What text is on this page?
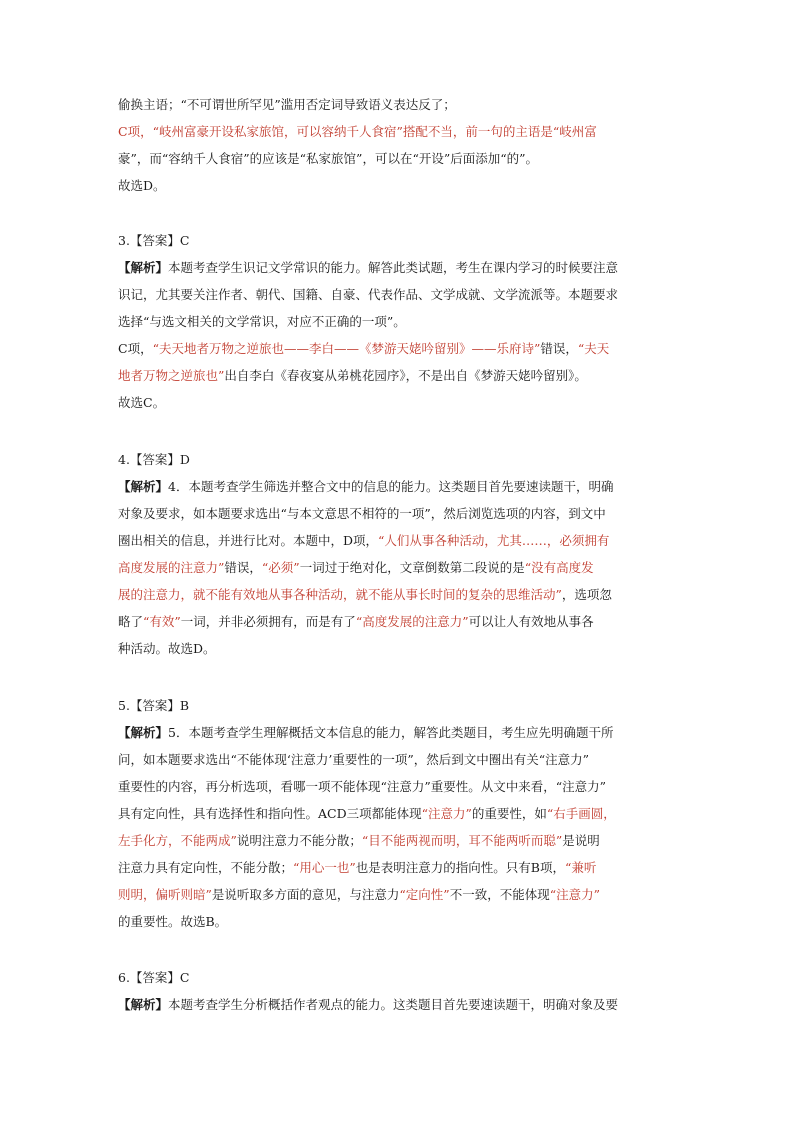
偷换主语；“不可谓世所罕见”滥用否定词导致语义表达反了；
C项，“岐州富豪开设私家旅馆，可以容纳千人食宿”搭配不当，前一句的主语是“岐州富
豪”，而“容纳千人食宿”的应该是“私家旅馆”，可以在“开设”后面添加“的”。
故选D。
3.【答案】C
【解析】本题考查学生识记文学常识的能力。解答此类试题，考生在课内学习的时候要注意
识记，尤其要关注作者、朝代、国籍、自豪、代表作品、文学成就、文学流派等。本题要求
选择“与选文相关的文学常识，对应不正确的一项”。
C项，“夫天地者万物之逆旅也——李白——《梦游天姥吟留别》——乐府诗”错误，“夫天
地者万物之逆旅也”出自李白《春夜宴从弟桃花园序》，不是出自《梦游天姥吟留别》。
故选C。
4.【答案】D
【解析】4．本题考查学生筛选并整合文中的信息的能力。这类题目首先要速读题干，明确
对象及要求，如本题要求选出“与本文意思不相符的一项”，然后浏览选项的内容，到文中
圈出相关的信息，并进行比对。本题中，D项，“人们从事各种活动，尤其……，必须拥有
高度发展的注意力”错误，“必须”一词过于绝对化，文章倒数第二段说的是“没有高度发
展的注意力，就不能有效地从事各种活动，就不能从事长时间的复杂的思维活动”，选项忽
略了“有效”一词，并非必须拥有，而是有了“高度发展的注意力”可以让人有效地从事各
种活动。故选D。
5.【答案】B
【解析】5．本题考查学生理解概括文本信息的能力，解答此类题目，考生应先明确题干所
问，如本题要求选出“不能体现‘注意力’重要性的一项”，然后到文中圈出有关“注意力”
重要性的内容，再分析选项，看哪一项不能体现“注意力”重要性。从文中来看，“注意力”
具有定向性，具有选择性和指向性。ACD三项都能体现“注意力”的重要性，如“右手画圆，
左手化方，不能两成”说明注意力不能分散；“目不能两视而明，耳不能两听而聪”是说明
注意力具有定向性，不能分散；“用心一也”也是表明注意力的指向性。只有B项，“兼听
则明，偏听则暗”是说听取多方面的意见，与注意力“定向性”不一致，不能体现“注意力”
的重要性。故选B。
6.【答案】C
【解析】本题考查学生分析概括作者观点的能力。这类题目首先要速读题干，明确对象及要
